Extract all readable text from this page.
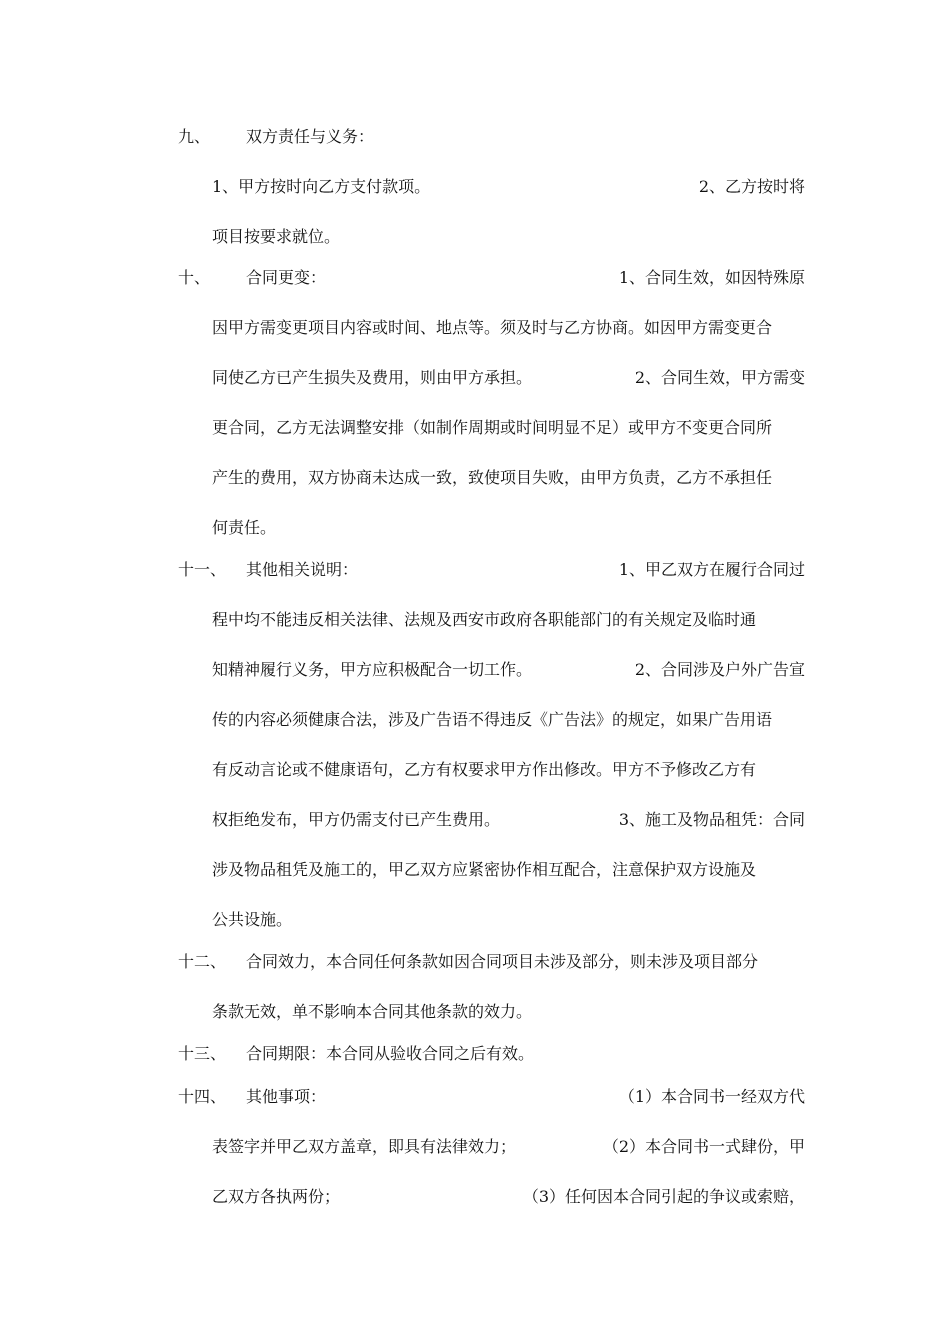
九、 双方责任与义务：
1、甲方按时向乙方支付款项。	2、乙方按时将
项目按要求就位。
十、 合同更变：	1、合同生效，如因特殊原
因甲方需变更项目内容或时间、地点等。须及时与乙方协商。如因甲方需变更合
同使乙方已产生损失及费用，则由甲方承担。	2、合同生效，甲方需变
更合同，乙方无法调整安排（如制作周期或时间明显不足）或甲方不变更合同所
产生的费用，双方协商未达成一致，致使项目失败，由甲方负责，乙方不承担任
何责任。
十一、 其他相关说明：	1、甲乙双方在履行合同过
程中均不能违反相关法律、法规及西安市政府各职能部门的有关规定及临时通
知精神履行义务，甲方应积极配合一切工作。	2、合同涉及户外广告宣
传的内容必须健康合法，涉及广告语不得违反《广告法》的规定，如果广告用语
有反动言论或不健康语句，乙方有权要求甲方作出修改。甲方不予修改乙方有
权拒绝发布，甲方仍需支付已产生费用。	3、施工及物品租凭：合同
涉及物品租凭及施工的，甲乙双方应紧密协作相互配合，注意保护双方设施及
公共设施。
十二、 合同效力，本合同任何条款如因合同项目未涉及部分，则未涉及项目部分
条款无效，单不影响本合同其他条款的效力。
十三、 合同期限：本合同从验收合同之后有效。
十四、 其他事项：	（1）本合同书一经双方代
表签字并甲乙双方盖章，即具有法律效力；	（2）本合同书一式肆份，甲
乙双方各执两份；	（3）任何因本合同引起的争议或索赔，
